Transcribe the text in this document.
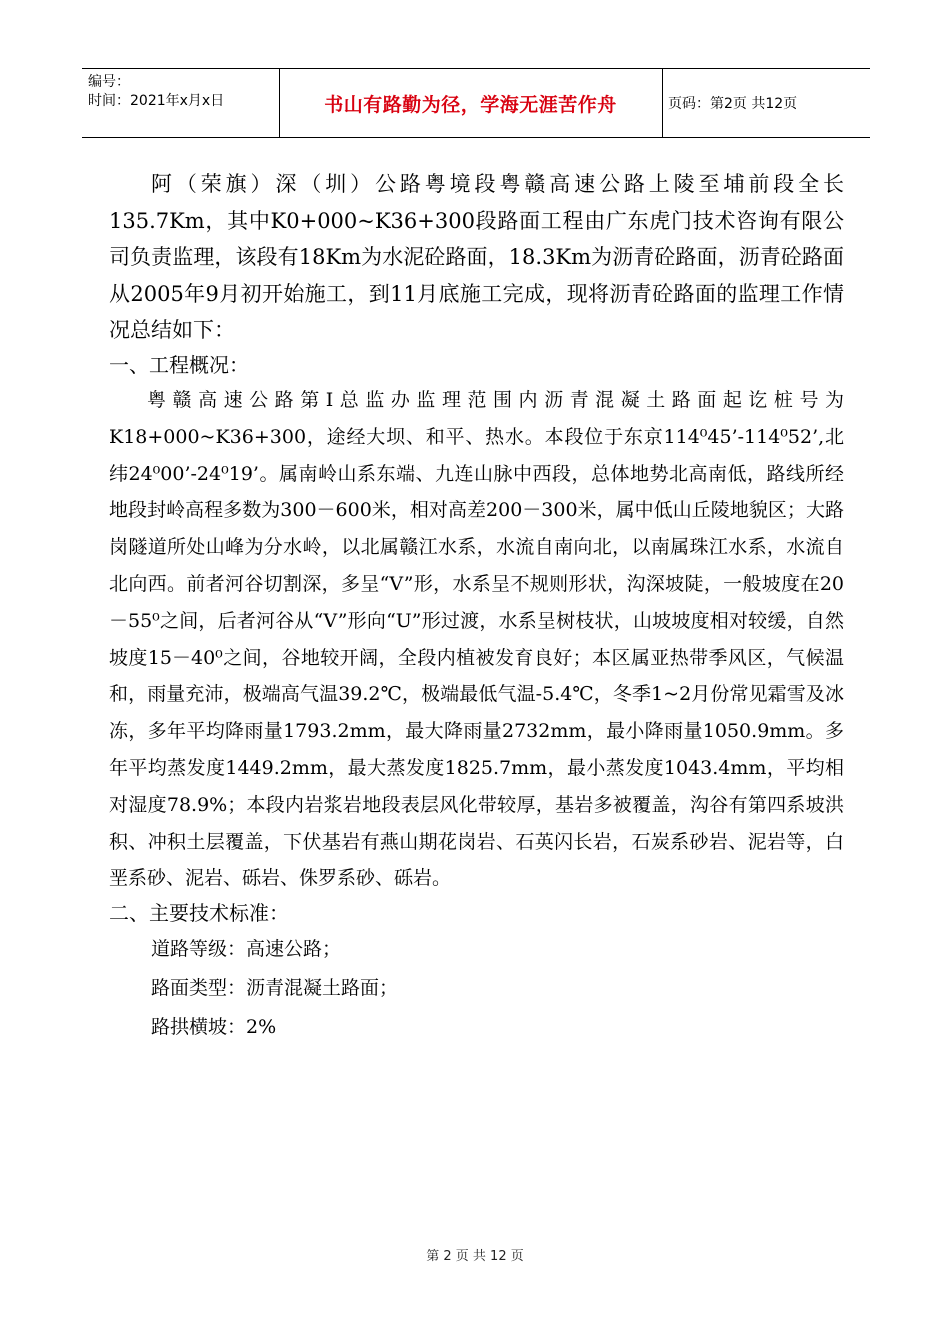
编号：
时间：2021年x月x日	书山有路勤为径，学海无涯苦作舟	页码：第2页 共12页

阿（荣旗）深（圳）公路粤境段粤赣高速公路上陵至埔前段全长135.7Km，其中K0+000~K36+300段路面工程由广东虎门技术咨询有限公司负责监理，该段有18Km为水泥砼路面，18.3Km为沥青砼路面，沥青砼路面从2005年9月初开始施工，到11月底施工完成，现将沥青砼路面的监理工作情况总结如下：

一、工程概况：

粤赣高速公路第I总监办监理范围内沥青混凝土路面起讫桩号为K18+000~K36+300，途经大坝、和平、热水。本段位于东京114⁰45’-114⁰52’,北纬24⁰00’-24⁰19’。属南岭山系东端、九连山脉中西段，总体地势北高南低，路线所经地段封岭高程多数为300－600米，相对高差200－300米，属中低山丘陵地貌区；大路岗隧道所处山峰为分水岭，以北属赣江水系，水流自南向北，以南属珠江水系，水流自北向西。前者河谷切割深，多呈“V”形，水系呈不规则形状，沟深坡陡，一般坡度在20－55⁰之间，后者河谷从“V”形向“U”形过渡，水系呈树枝状，山坡坡度相对较缓，自然坡度15－40⁰之间，谷地较开阔，全段内植被发育良好；本区属亚热带季风区，气候温和，雨量充沛，极端高气温39.2℃，极端最低气温-5.4℃，冬季1~2月份常见霜雪及冰冻，多年平均降雨量1793.2mm，最大降雨量2732mm，最小降雨量1050.9mm。多年平均蒸发度1449.2mm，最大蒸发度1825.7mm，最小蒸发度1043.4mm，平均相对湿度78.9%；本段内岩浆岩地段表层风化带较厚，基岩多被覆盖，沟谷有第四系坡洪积、冲积土层覆盖，下伏基岩有燕山期花岗岩、石英闪长岩，石炭系砂岩、泥岩等，白垩系砂、泥岩、砾岩、侏罗系砂、砾岩。

二、主要技术标准：

道路等级：高速公路；

路面类型：沥青混凝土路面；

路拱横坡：2%

第 2 页 共 12 页
